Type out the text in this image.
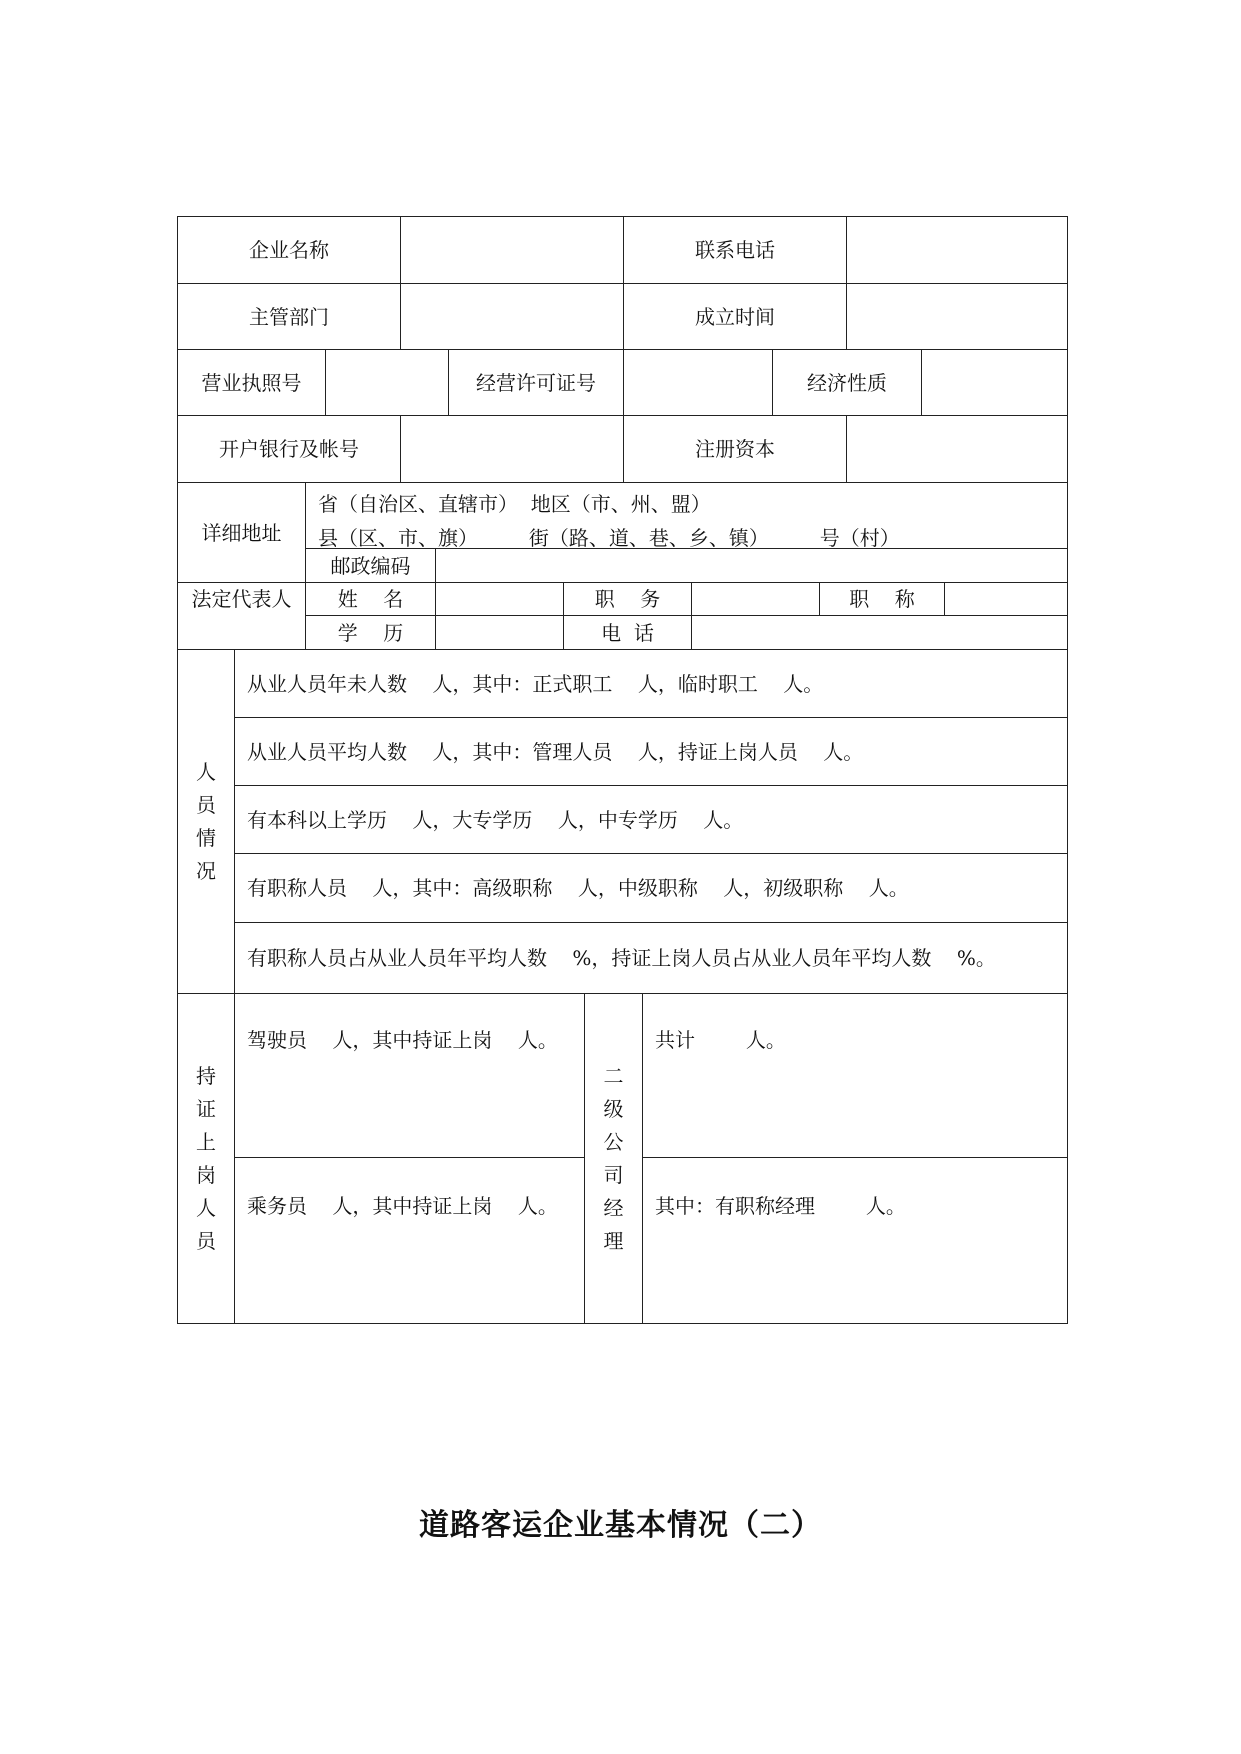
企业名称	联系电话
主管部门	成立时间
营业执照号	经营许可证号	经济性质
开户银行及帐号	注册资本
详细地址
省（自治区、直辖市）  地区（市、州、盟）
县（区、市、旗）        街（路、道、巷、乡、镇）        号（村）
邮政编码
法定代表人	姓    名	职    务	职    称
学    历	电  话
人员情况
从业人员年未人数    人，其中：正式职工    人，临时职工    人。
从业人员平均人数    人，其中：管理人员    人，持证上岗人员    人。
有本科以上学历    人，大专学历    人，中专学历    人。
有职称人员    人，其中：高级职称    人，中级职称    人，初级职称    人。
有职称人员占从业人员年平均人数    %，持证上岗人员占从业人员年平均人数    %。
持证上岗人员
驾驶员    人，其中持证上岗    人。
乘务员    人，其中持证上岗    人。
二级公司经理
共计        人。
其中：有职称经理        人。
道路客运企业基本情况（二）
